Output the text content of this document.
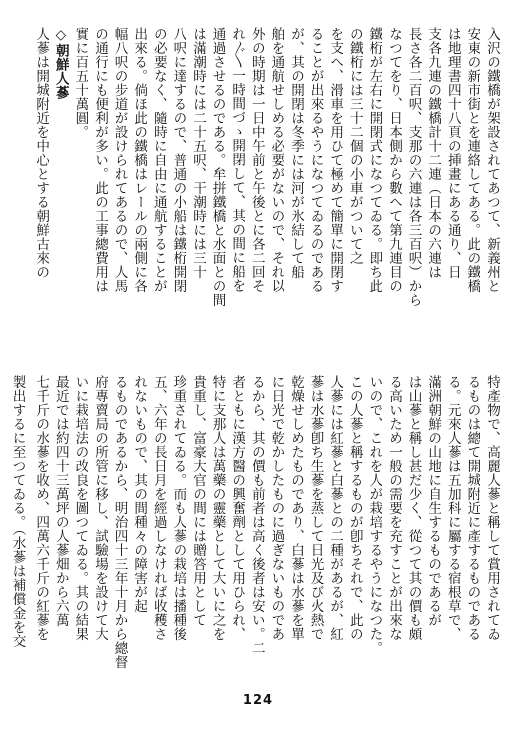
入沢の鐵橋が架設されてあつて、新義州と
安東の新市街とを連絡してある。此の鐵橋
は地理書四十八頁の挿畫にある通り、日
支各九連の鐵橋計十二連（日本の六連は
長さ各二百呎、支那の六連は各三百呎）から
なつてをり、日本側から數へて第九連目の
鐵桁が左右に開閉式になつてゐる。即ち此
の鐵桁には三十二個の小車がついて之
を支へ、滑車を用ひて極めて簡單に開閉す
ることが出來るやうになつてゐるのである
が、其の開閉は冬季には河が氷結して船
舶を通航せしめる必要がないので、それ以
外の時期は一日中午前と午後とに各二回そ
れ〴〵一時間づゝ開閉して、其の間に船を
通過させるのである。牟拼鐵橋と水面との間
は滿潮時には二十五呎、干潮時には三十
八呎に達するので、普通の小船は鐵桁開閉
の必要なく、隨時に自由に通航することが
出來る。倘ほ此の鐵橋はレールの兩側に各
幅八呎の步道が設けられてあるので、人馬
の通行にも便利が多い。此の工事總費用は
實に百五十萬圓。
◇朝鮮人蔘
人蔘は開城附近を中心とする朝鮮古來の
特產物で、高麗人蔘と稱して賞用されてゐ
るものは總て開城附近に產するものである
る。元來人蔘は五加科に屬する宿根草で、
滿洲朝鮮の山地に自生するものであるが
は山蔘と稱し甚だ少く、從つて其の價も頗
る高いため一般の需要を充すことが出來な
いので、これを人が栽培するやうになつた。
この人蔘と稱するものが卽ちそれで、此の
人蔘には紅蔘と白蔘との二種があるが、紅
蔘は水蔘卽ち生蔘を蒸して日光及び火熱で
乾燥せしめたものであり、白蔘は水蔘を單
に日光で乾かしたものに過ぎないものであ
るから、其の價も前者は高く後者は安い。二
者ともに漢方醫の興奮劑として用ひられ、
特に支那人は萬藥の靈藥として大いに之を
貴重し、富豪大官の間には贈答用として
珍重されてゐる。而も人蔘の栽培は播種後
五、六年の長日月を經過しなければ收穫さ
れないもので、其の間種々の障害が起
るものであるから、明治四十三年十月から總督
府專賣局の所管に移し、試驗場を設けて大
いに栽培法の改良を圖つてゐる。其の結果
最近では約四十三萬坪の人蔘畑から六萬
七千斤の水蔘を收め、四萬六千斤の紅蔘を
製出するに至つてゐる。（水蔘は補償金を交
124
